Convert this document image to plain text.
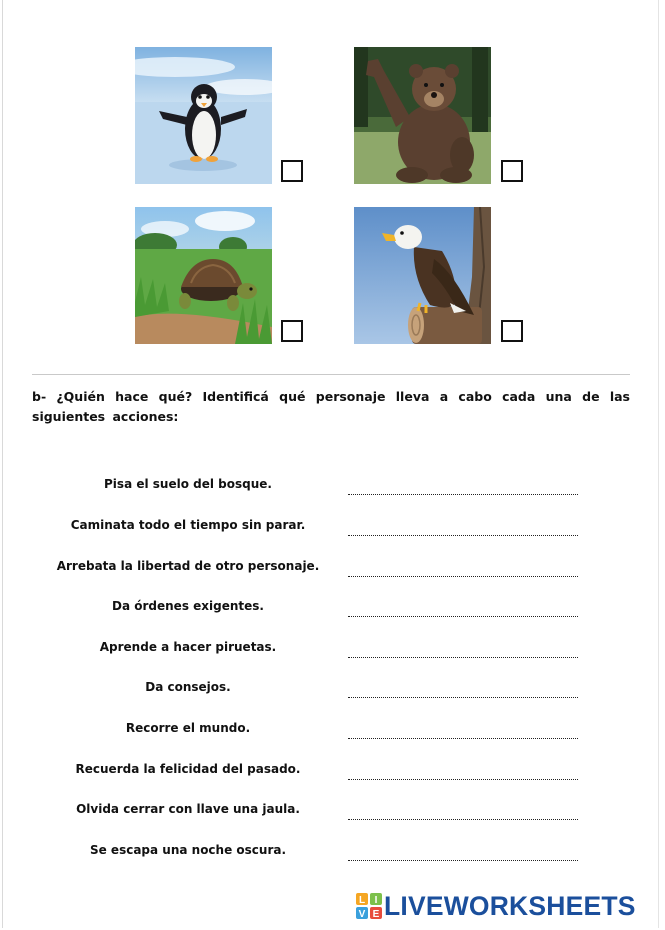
b- ¿Quién hace qué? Identificá qué personaje lleva a cabo cada una de las siguientes acciones:
Pisa el suelo del bosque.
Caminata todo el tiempo sin parar.
Arrebata la libertad de otro personaje.
Da órdenes exigentes.
Aprende a hacer piruetas.
Da consejos.
Recorre el mundo.
Recuerda la felicidad del pasado.
Olvida cerrar con llave una jaula.
Se escapa una noche oscura.
L I
V E LIVEWORKSHEETS
